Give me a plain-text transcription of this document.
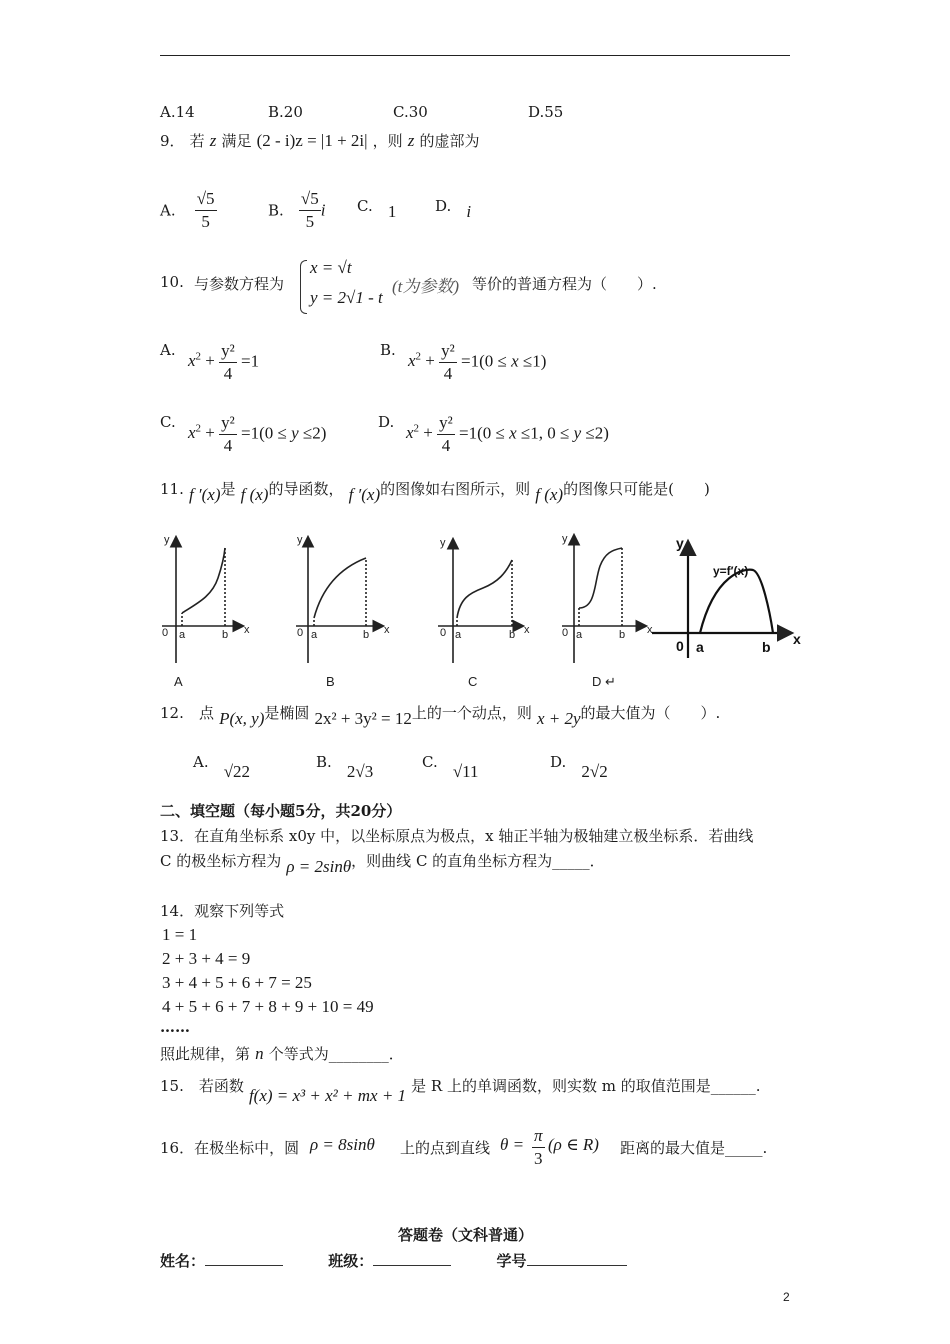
A.14	B.20	C.30	D.55
9． 若 z 满足 (2 - i)z = |1 + 2i| ，则 z 的虚部为
A. $\frac{√5}{5}$	B. $\frac{√5}{5}$ i C. 1	D. i
10. 与参数方程为
x = √t
y = 2√1 - t
(t为参数) 等价的普通方程为（　　）.
A.
$x^2 + \frac{\text{y²}}{4} =1$
B.
$x^2 + \frac{\text{y²}}{4} =1(0 \le x \le 1)$
C.
$x^2 + \frac{\text{y²}}{4} =1(0 \le y \le 2)$
D.
$x^2 + \frac{\text{y²}}{4} =1(0 \le x \le 1$, 0 ≤ y ≤2)
11. f ′(x)是 f (x)的导函数， f ′(x)的图像如右图所示，则 f (x)的图像只可能是(　　)
y
x
0 a	b
y
x
0 a	b
y
x
0 a	b
y
x
0 a	b
y
x
0 a	b
y=f′(x)
A	B	C	D ↵
12. 点 P(x, y)是椭圆 2x² + 3y² = 12上的一个动点，则 x + 2y的最大值为（　　）.
A. √22	B. 2√3	C. √11	D. 2√2
二、填空题（每小题5分，共20分）
13．在直角坐标系 x0y 中，以坐标原点为极点，x 轴正半轴为极轴建立极坐标系．若曲线
C 的极坐标方程为 ρ = 2sinθ，则曲线 C 的直角坐标方程为_____．
14．观察下列等式
1 = 1
2 + 3 + 4 = 9
3 + 4 + 5 + 6 + 7 = 25
4 + 5 + 6 + 7 + 8 + 9 + 10 = 49
……
照此规律，第 n 个等式为________．
15.　若函数 f(x) = x³ + x² + mx + 1 是 R 上的单调函数，则实数 m 的取值范围是______.
16．在极坐标中，圆 ρ = 8sinθ 上的点到直线 $\theta = \frac{\pi}{3} (\rho$ ∈ R) 距离的最大值是_____.
答题卷（文科普通）
姓名：	班级：	学号
2
